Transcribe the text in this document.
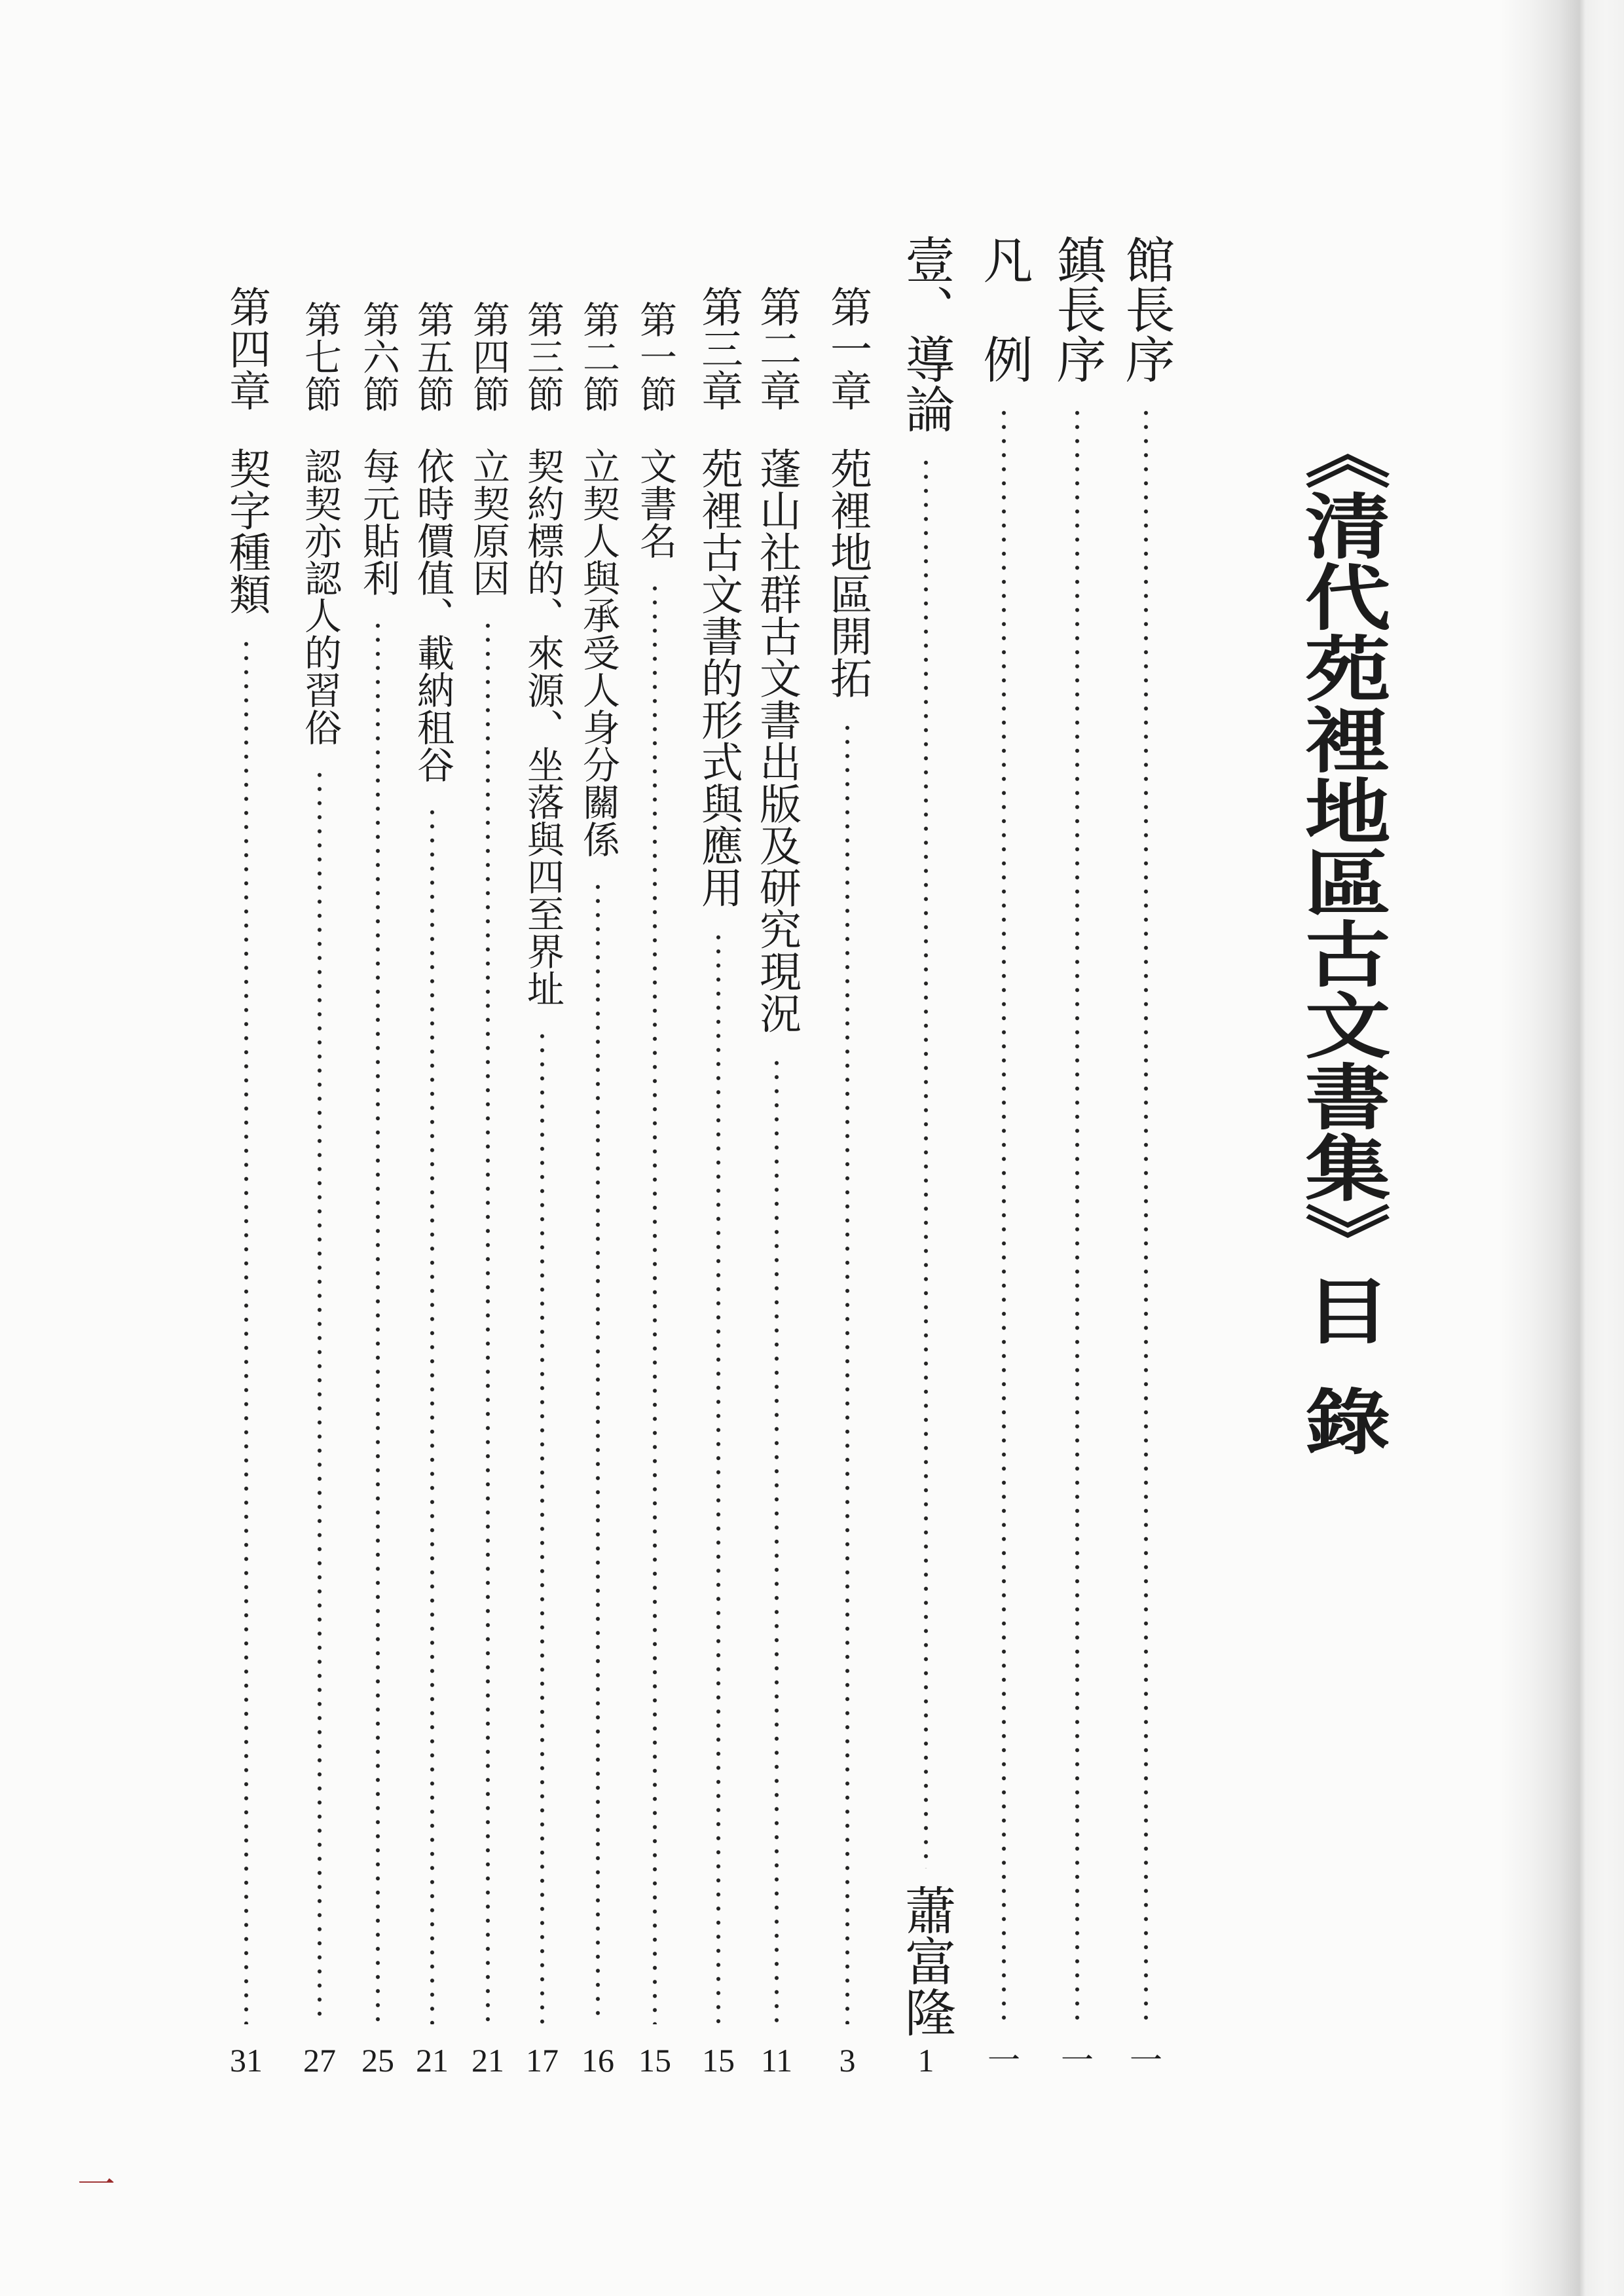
《清代苑裡地區古文書集》
目錄
館長序
一
鎮長序
一
凡　例
一
壹、導論
蕭富隆
1
第一章
苑裡地區開拓
3
第二章
蓬山社群古文書出版及研究現況
11
第三章
苑裡古文書的形式與應用
15
第一節
文書名
15
第二節
立契人與承受人身分關係
16
第三節
契約標的、來源、坐落與四至界址
17
第四節
立契原因
21
第五節
依時價值、載納租谷
21
第六節
每元貼利
25
第七節
認契亦認人的習俗
27
第四章
契字種類
31
一
